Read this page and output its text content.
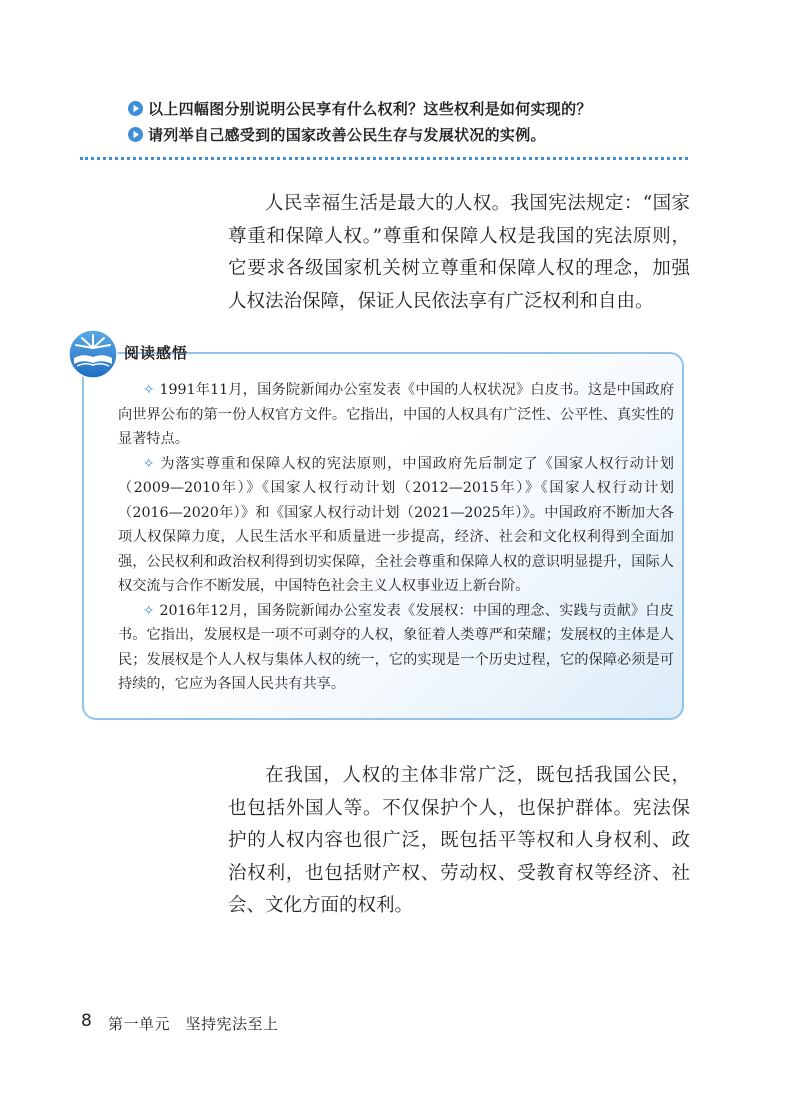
以上四幅图分别说明公民享有什么权利？这些权利是如何实现的？
请列举自己感受到的国家改善公民生存与发展状况的实例。

人民幸福生活是最大的人权。我国宪法规定：“国家尊重和保障人权。”尊重和保障人权是我国的宪法原则，它要求各级国家机关树立尊重和保障人权的理念，加强人权法治保障，保证人民依法享有广泛权利和自由。

阅读感悟

✧ 1991年11月，国务院新闻办公室发表《中国的人权状况》白皮书。这是中国政府向世界公布的第一份人权官方文件。它指出，中国的人权具有广泛性、公平性、真实性的显著特点。

✧ 为落实尊重和保障人权的宪法原则，中国政府先后制定了《国家人权行动计划（2009—2010年）》《国家人权行动计划（2012—2015年）》《国家人权行动计划（2016—2020年）》和《国家人权行动计划（2021—2025年）》。中国政府不断加大各项人权保障力度，人民生活水平和质量进一步提高，经济、社会和文化权利得到全面加强，公民权利和政治权利得到切实保障，全社会尊重和保障人权的意识明显提升，国际人权交流与合作不断发展，中国特色社会主义人权事业迈上新台阶。

✧ 2016年12月，国务院新闻办公室发表《发展权：中国的理念、实践与贡献》白皮书。它指出，发展权是一项不可剥夺的人权，象征着人类尊严和荣耀；发展权的主体是人民；发展权是个人人权与集体人权的统一，它的实现是一个历史过程，它的保障必须是可持续的，它应为各国人民共有共享。

在我国，人权的主体非常广泛，既包括我国公民，也包括外国人等。不仅保护个人，也保护群体。宪法保护的人权内容也很广泛，既包括平等权和人身权利、政治权利，也包括财产权、劳动权、受教育权等经济、社会、文化方面的权利。

8 第一单元　坚持宪法至上
